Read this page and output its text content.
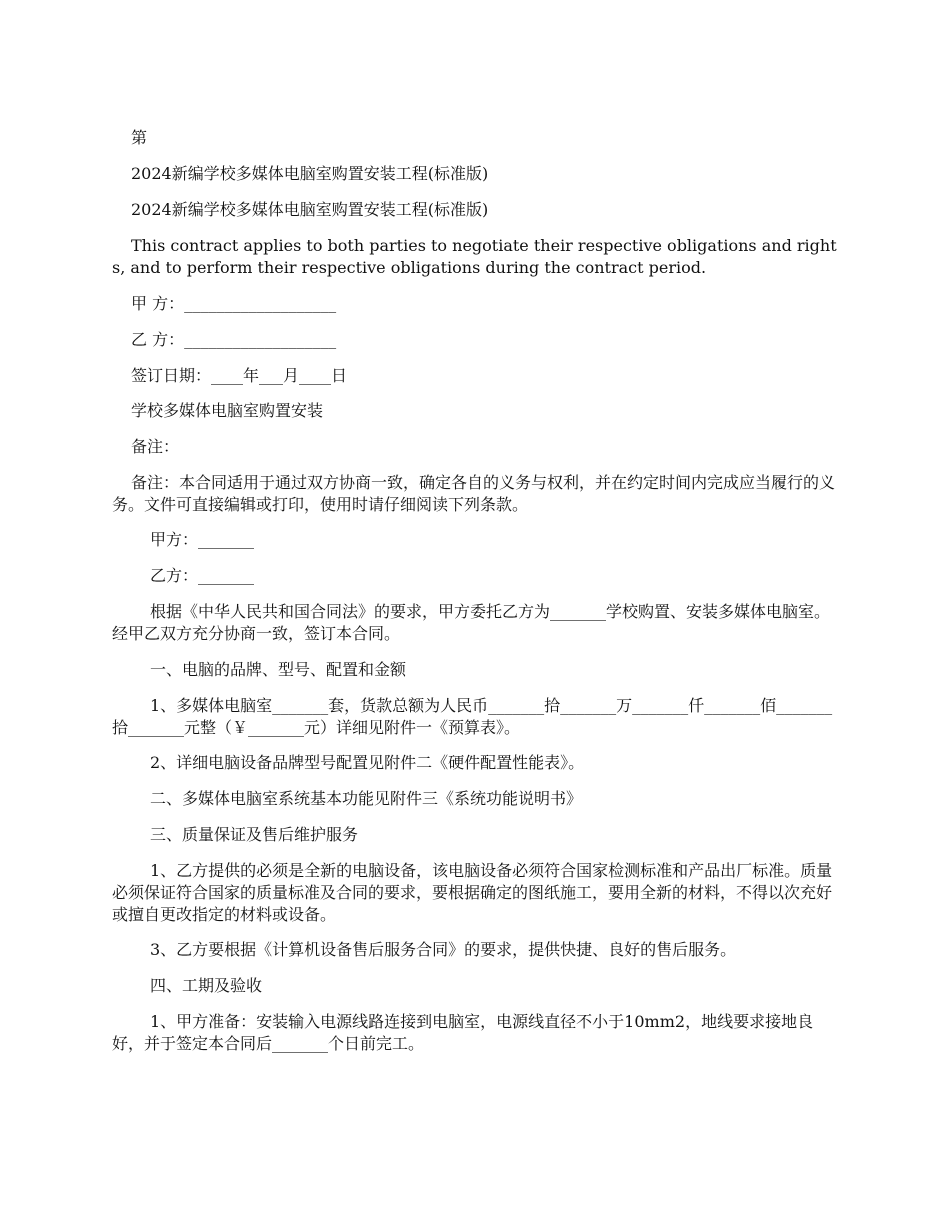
第

2024新编学校多媒体电脑室购置安装工程(标准版)

2024新编学校多媒体电脑室购置安装工程(标准版)

This contract applies to both parties to negotiate their respective obligations and rights, and to perform their respective obligations during the contract period.

甲 方：___________________

乙 方：___________________

签订日期：____年___月____日

学校多媒体电脑室购置安装

备注：

备注：本合同适用于通过双方协商一致，确定各自的义务与权利，并在约定时间内完成应当履行的义务。文件可直接编辑或打印，使用时请仔细阅读下列条款。

甲方：_______

乙方：_______

根据《中华人民共和国合同法》的要求，甲方委托乙方为_______学校购置、安装多媒体电脑室。经甲乙双方充分协商一致，签订本合同。

一、电脑的品牌、型号、配置和金额

1、多媒体电脑室_______套，货款总额为人民币_______拾_______万_______仟_______佰_______拾_______元整（￥_______元）详细见附件一《预算表》。

2、详细电脑设备品牌型号配置见附件二《硬件配置性能表》。

二、多媒体电脑室系统基本功能见附件三《系统功能说明书》

三、质量保证及售后维护服务

1、乙方提供的必须是全新的电脑设备，该电脑设备必须符合国家检测标准和产品出厂标准。质量必须保证符合国家的质量标准及合同的要求，要根据确定的图纸施工，要用全新的材料，不得以次充好或擅自更改指定的材料或设备。

3、乙方要根据《计算机设备售后服务合同》的要求，提供快捷、良好的售后服务。

四、工期及验收

1、甲方准备：安装输入电源线路连接到电脑室，电源线直径不小于10mm2，地线要求接地良好，并于签定本合同后_______个日前完工。
